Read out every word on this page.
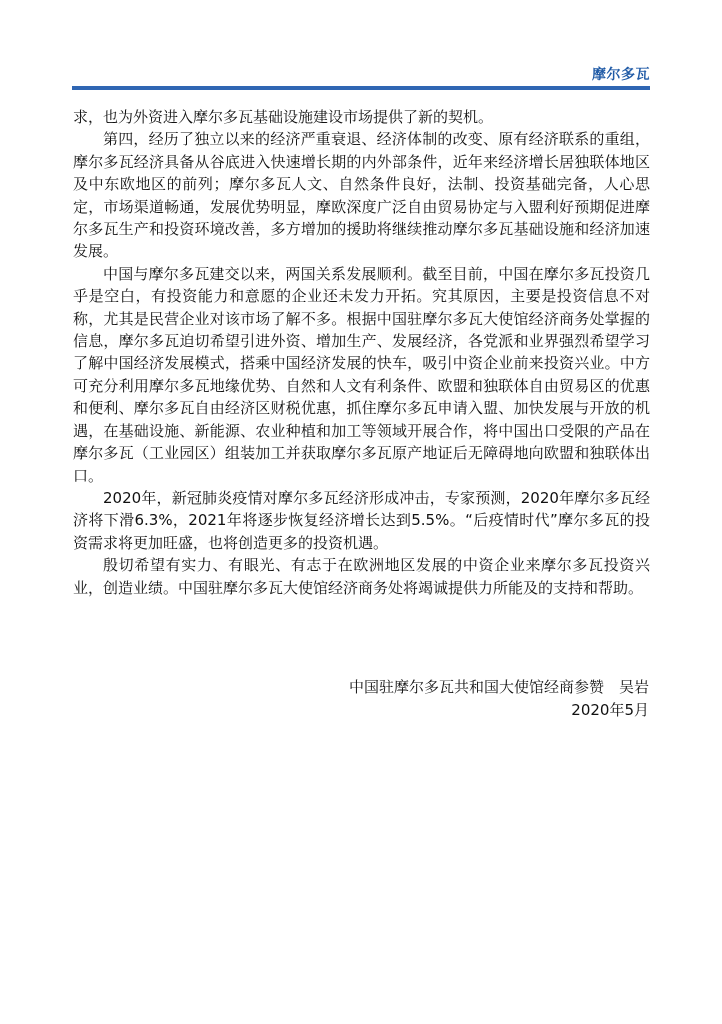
摩尔多瓦

求，也为外资进入摩尔多瓦基础设施建设市场提供了新的契机。

第四，经历了独立以来的经济严重衰退、经济体制的改变、原有经济联系的重组，摩尔多瓦经济具备从谷底进入快速增长期的内外部条件，近年来经济增长居独联体地区及中东欧地区的前列；摩尔多瓦人文、自然条件良好，法制、投资基础完备，人心思定，市场渠道畅通，发展优势明显，摩欧深度广泛自由贸易协定与入盟利好预期促进摩尔多瓦生产和投资环境改善，多方增加的援助将继续推动摩尔多瓦基础设施和经济加速发展。

中国与摩尔多瓦建交以来，两国关系发展顺利。截至目前，中国在摩尔多瓦投资几乎是空白，有投资能力和意愿的企业还未发力开拓。究其原因，主要是投资信息不对称，尤其是民营企业对该市场了解不多。根据中国驻摩尔多瓦大使馆经济商务处掌握的信息，摩尔多瓦迫切希望引进外资、增加生产、发展经济，各党派和业界强烈希望学习了解中国经济发展模式，搭乘中国经济发展的快车，吸引中资企业前来投资兴业。中方可充分利用摩尔多瓦地缘优势、自然和人文有利条件、欧盟和独联体自由贸易区的优惠和便利、摩尔多瓦自由经济区财税优惠，抓住摩尔多瓦申请入盟、加快发展与开放的机遇，在基础设施、新能源、农业种植和加工等领域开展合作，将中国出口受限的产品在摩尔多瓦（工业园区）组装加工并获取摩尔多瓦原产地证后无障碍地向欧盟和独联体出口。

2020年，新冠肺炎疫情对摩尔多瓦经济形成冲击，专家预测，2020年摩尔多瓦经济将下滑6.3%，2021年将逐步恢复经济增长达到5.5%。“后疫情时代”摩尔多瓦的投资需求将更加旺盛，也将创造更多的投资机遇。

殷切希望有实力、有眼光、有志于在欧洲地区发展的中资企业来摩尔多瓦投资兴业，创造业绩。中国驻摩尔多瓦大使馆经济商务处将竭诚提供力所能及的支持和帮助。

中国驻摩尔多瓦共和国大使馆经商参赞　吴岩
2020年5月
